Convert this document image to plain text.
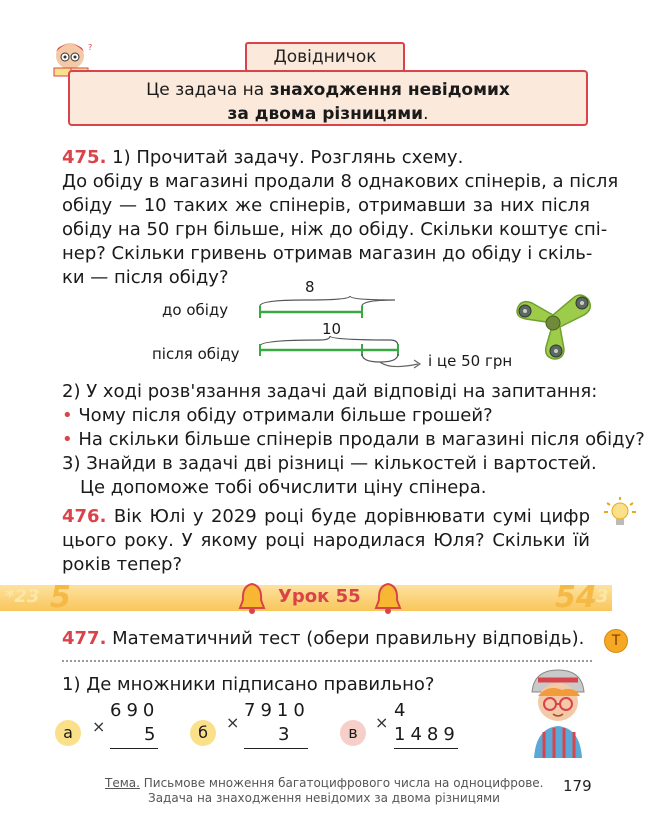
?	Довідничок
Це задача на знаходження невідомих
за двома різницями.
475. 1) Прочитай задачу. Розглянь схему.
До обіду в магазині продали 8 однакових спінерів, а після
обіду — 10 таких же спінерів, отримавши за них після
обіду на 50 грн більше, ніж до обіду. Скільки коштує спі-
нер? Скільки гривень отримав магазин до обіду і скіль-
ки — після обіду?
до обіду
після обіду
8
10
і це 50 грн
2) У ході розв'язання задачі дай відповіді на запитання:
• Чому після обіду отримали більше грошей?
• На скільки більше спінерів продали в магазині після обіду?
3) Знайди в задачі дві різниці — кількостей і вартостей.
Це допоможе тобі обчислити ціну спінера.
476. Вік Юлі у 2029 році буде дорівнювати сумі цифр
цього року. У якому році народилася Юля? Скільки їй
років тепер?
*23 5	54 3
Урок 55
477. Математичний тест (обери правильну відповідь).	Т
1) Де множники підписано правильно?
а	×
690
5	б
×
7910
3	в
×
4
1489
Тема. Письмове множення багатоцифрового числа на одноцифрове.
Задача на знаходження невідомих за двома різницями
179
